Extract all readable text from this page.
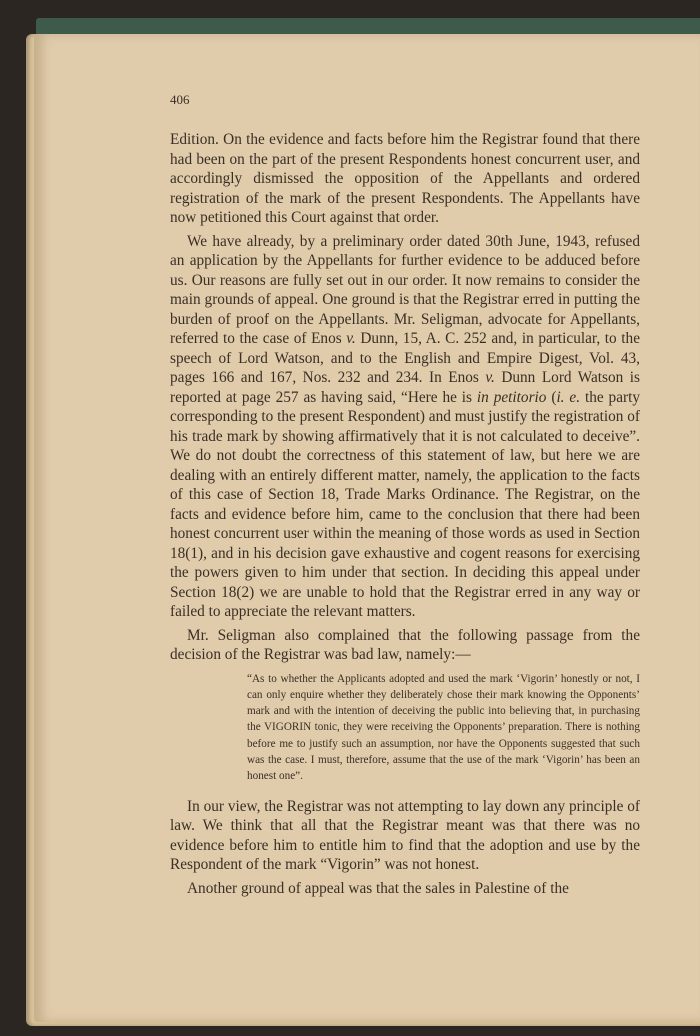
406

Edition. On the evidence and facts before him the Registrar found that there had been on the part of the present Respondents honest concurrent user, and accordingly dismissed the opposition of the Appellants and ordered registration of the mark of the present Respondents. The Appellants have now petitioned this Court against that order.

We have already, by a preliminary order dated 30th June, 1943, refused an application by the Appellants for further evidence to be adduced before us. Our reasons are fully set out in our order. It now remains to consider the main grounds of appeal. One ground is that the Registrar erred in putting the burden of proof on the Appellants. Mr. Seligman, advocate for Appellants, referred to the case of Enos v. Dunn, 15, A. C. 252 and, in particular, to the speech of Lord Watson, and to the English and Empire Digest, Vol. 43, pages 166 and 167, Nos. 232 and 234. In Enos v. Dunn Lord Watson is reported at page 257 as having said, “Here he is in petitorio (i. e. the party corresponding to the present Respondent) and must justify the registration of his trade mark by showing affirmatively that it is not calculated to deceive”. We do not doubt the correctness of this statement of law, but here we are dealing with an entirely different matter, namely, the application to the facts of this case of Section 18, Trade Marks Ordinance. The Registrar, on the facts and evidence before him, came to the conclusion that there had been honest concurrent user within the meaning of those words as used in Section 18(1), and in his decision gave exhaustive and cogent reasons for exercising the powers given to him under that section. In deciding this appeal under Section 18(2) we are unable to hold that the Registrar erred in any way or failed to appreciate the relevant matters.

Mr. Seligman also complained that the following passage from the decision of the Registrar was bad law, namely:—

“As to whether the Applicants adopted and used the mark ‘Vigorin’ honestly or not, I can only enquire whether they deliberately chose their mark knowing the Opponents’ mark and with the intention of deceiving the public into believing that, in purchasing the VIGORIN tonic, they were receiving the Opponents’ preparation. There is nothing before me to justify such an assumption, nor have the Opponents suggested that such was the case. I must, therefore, assume that the use of the mark ‘Vigorin’ has been an honest one”.

In our view, the Registrar was not attempting to lay down any principle of law. We think that all that the Registrar meant was that there was no evidence before him to entitle him to find that the adoption and use by the Respondent of the mark “Vigorin” was not honest.

Another ground of appeal was that the sales in Palestine of the
